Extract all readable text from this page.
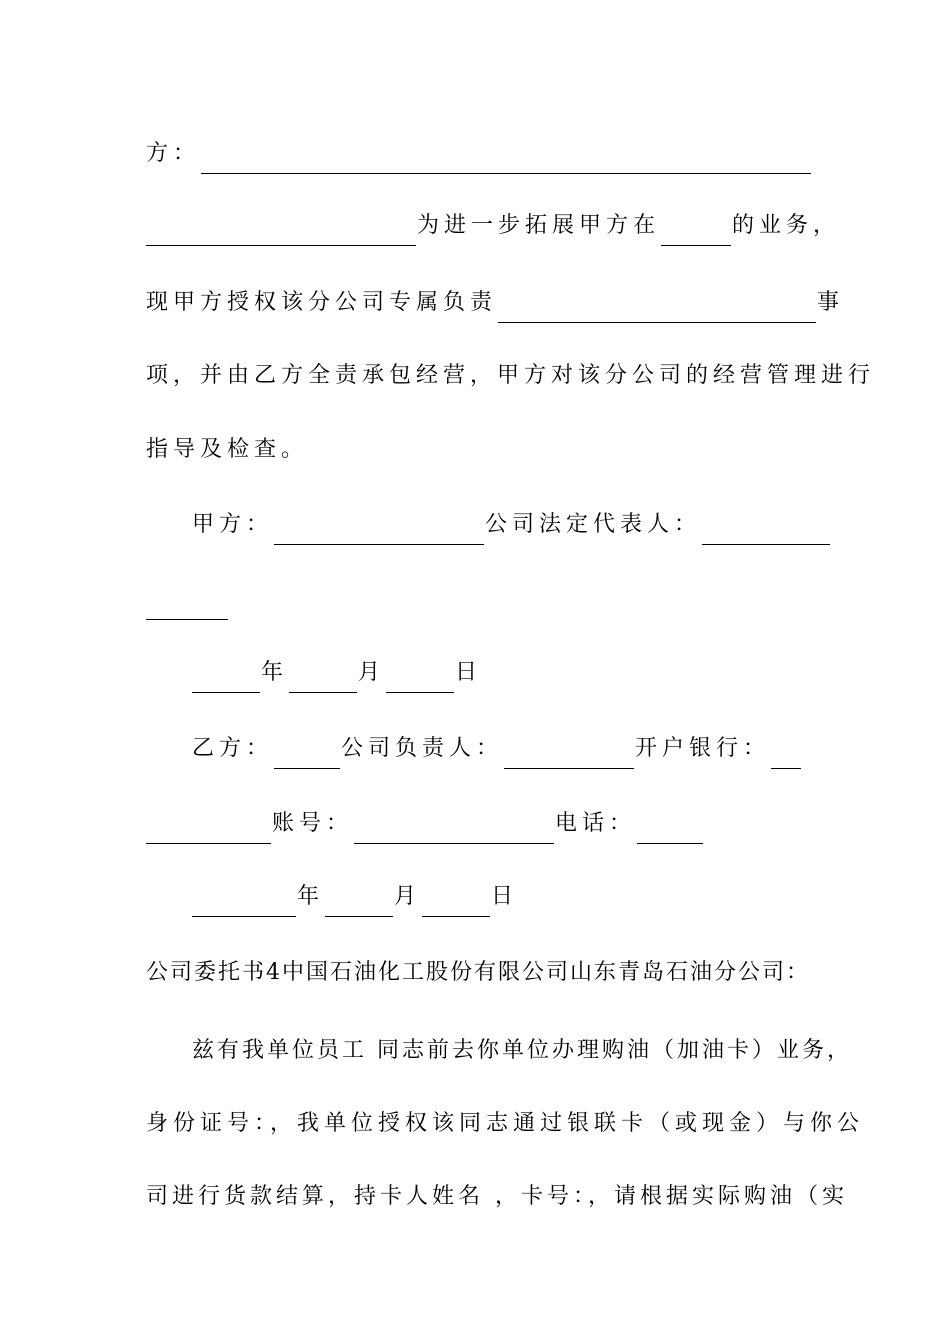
方：
为进一步拓展甲方在	的业务，
现甲方授权该分公司专属负责	事
项，并由乙方全责承包经营，甲方对该分公司的经营管理进行
指导及检查。
甲方：	公司法定代表人：
年	月	日
乙方：	公司负责人：	开户银行：
账号：	电话：
年	月	日
公司委托书4中国石油化工股份有限公司山东青岛石油分公司：
兹有我单位员工 同志前去你单位办理购油（加油卡）业务，
身份证号：，我单位授权该同志通过银联卡（或现金）与你公
司进行货款结算，持卡人姓名 ，卡号：，请根据实际购油（实
